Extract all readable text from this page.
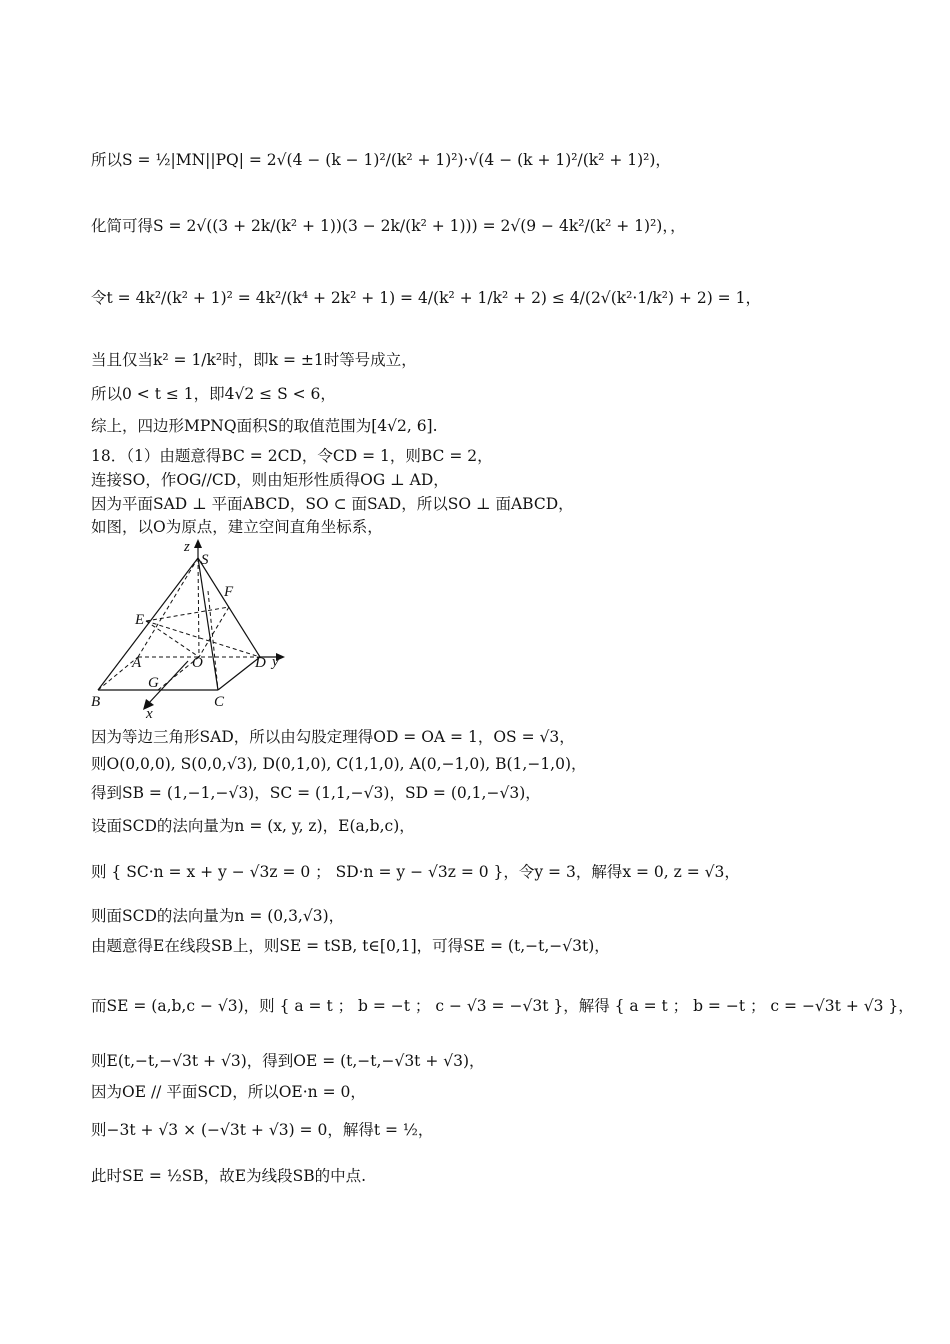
所以S = ½|MN||PQ| = 2√(4 − (k − 1)²/(k² + 1)²)·√(4 − (k + 1)²/(k² + 1)²)，
化简可得S = 2√((3 + 2k/(k² + 1))(3 − 2k/(k² + 1))) = 2√(9 − 4k²/(k² + 1)²)，，
令t = 4k²/(k² + 1)² = 4k²/(k⁴ + 2k² + 1) = 4/(k² + 1/k² + 2) ≤ 4/(2√(k²·1/k²) + 2) = 1，
当且仅当k² = 1/k²时，即k = ±1时等号成立，
所以0 < t ≤ 1，即4√2 ≤ S < 6，
综上，四边形MPNQ面积S的取值范围为[4√2, 6].
18．（1）由题意得BC = 2CD，令CD = 1，则BC = 2，
连接SO，作OG//CD，则由矩形性质得OG ⊥ AD，
因为平面SAD ⊥ 平面ABCD，SO ⊂ 面SAD，所以SO ⊥ 面ABCD，
如图，以O为原点，建立空间直角坐标系，
z
y
x
S
F
E
A	O	D
B
G
C
因为等边三角形SAD，所以由勾股定理得OD = OA = 1，OS = √3，
则O(0,0,0), S(0,0,√3), D(0,1,0), C(1,1,0), A(0,−1,0), B(1,−1,0)，
得到SB = (1,−1,−√3)，SC = (1,1,−√3)，SD = (0,1,−√3)，
设面SCD的法向量为n = (x, y, z)，E(a,b,c)，
则 { SC·n = x + y − √3z = 0 ； SD·n = y − √3z = 0 }，令y = 3，解得x = 0, z = √3，
则面SCD的法向量为n = (0,3,√3)，
由题意得E在线段SB上，则SE = tSB, t∈[0,1]，可得SE = (t,−t,−√3t)，
而SE = (a,b,c − √3)，则 { a = t ； b = −t ； c − √3 = −√3t }，解得 { a = t ； b = −t ； c = −√3t + √3 }，
则E(t,−t,−√3t + √3)，得到OE = (t,−t,−√3t + √3)，
因为OE // 平面SCD，所以OE·n = 0，
则−3t + √3 × (−√3t + √3) = 0，解得t = ½，
此时SE = ½SB，故E为线段SB的中点.
